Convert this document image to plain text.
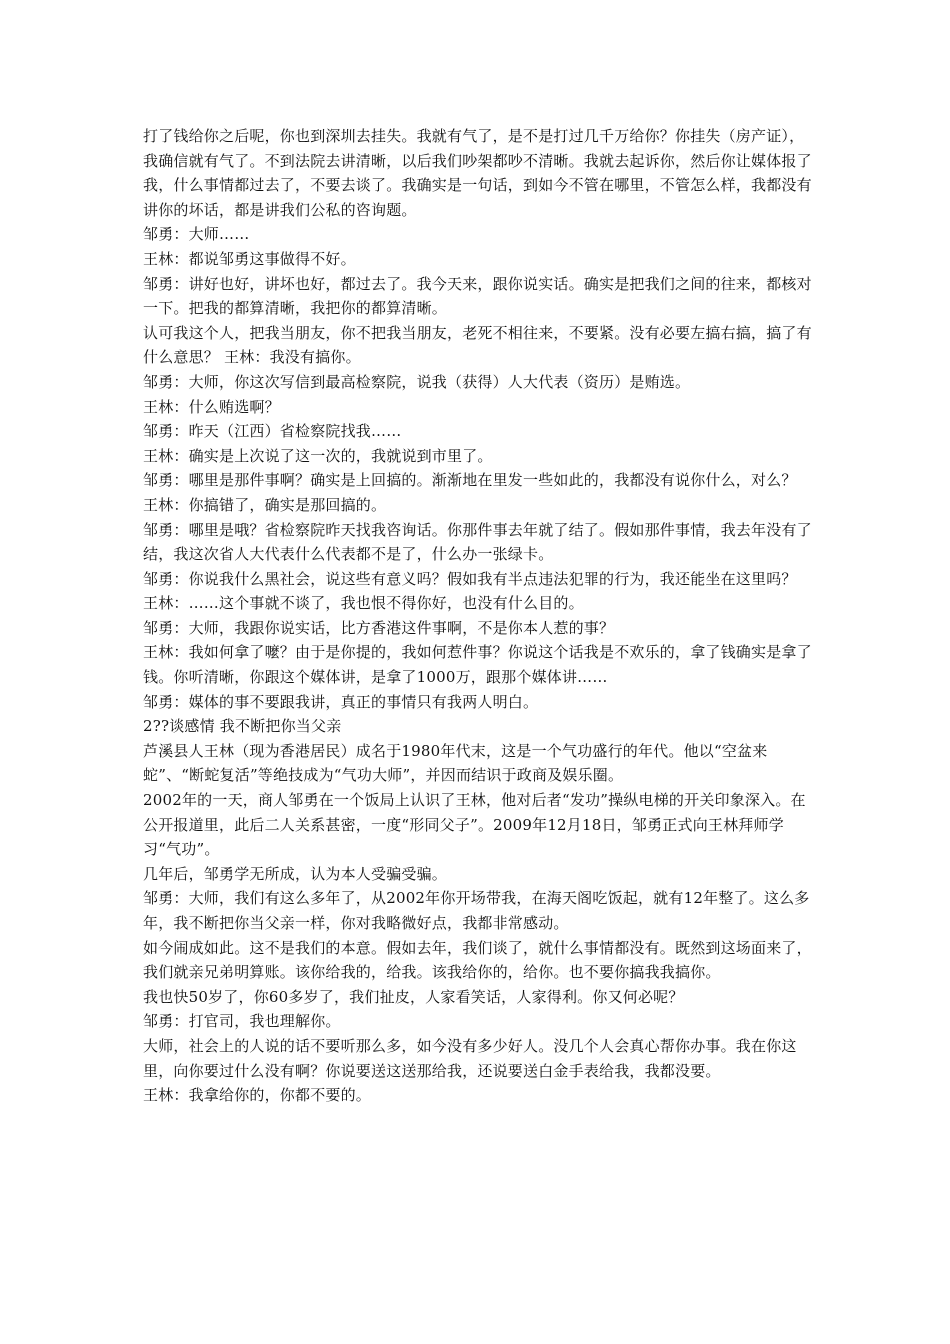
打了钱给你之后呢，你也到深圳去挂失。我就有气了，是不是打过几千万给你？你挂失（房产证），我确信就有气了。不到法院去讲清晰，以后我们吵架都吵不清晰。我就去起诉你，然后你让媒体报了我，什么事情都过去了，不要去谈了。我确实是一句话，到如今不管在哪里，不管怎么样，我都没有讲你的坏话，都是讲我们公私的咨询题。

邹勇：大师……

王林：都说邹勇这事做得不好。

邹勇：讲好也好，讲坏也好，都过去了。我今天来，跟你说实话。确实是把我们之间的往来，都核对一下。把我的都算清晰，我把你的都算清晰。

认可我这个人，把我当朋友，你不把我当朋友，老死不相往来，不要紧。没有必要左搞右搞，搞了有什么意思？ 王林：我没有搞你。

邹勇：大师，你这次写信到最高检察院，说我（获得）人大代表（资历）是贿选。

王林：什么贿选啊？

邹勇：昨天（江西）省检察院找我……

王林：确实是上次说了这一次的，我就说到市里了。

邹勇：哪里是那件事啊？确实是上回搞的。渐渐地在里发一些如此的，我都没有说你什么，对么？

王林：你搞错了，确实是那回搞的。

邹勇：哪里是哦？省检察院昨天找我咨询话。你那件事去年就了结了。假如那件事情，我去年没有了结，我这次省人大代表什么代表都不是了，什么办一张绿卡。

邹勇：你说我什么黑社会，说这些有意义吗？假如我有半点违法犯罪的行为，我还能坐在这里吗？

王林：……这个事就不谈了，我也恨不得你好，也没有什么目的。

邹勇：大师，我跟你说实话，比方香港这件事啊，不是你本人惹的事？

王林：我如何拿了嚒？由于是你提的，我如何惹件事？你说这个话我是不欢乐的，拿了钱确实是拿了钱。你听清晰，你跟这个媒体讲，是拿了1000万，跟那个媒体讲……

邹勇：媒体的事不要跟我讲，真正的事情只有我两人明白。

2??谈感情 我不断把你当父亲

芦溪县人王林（现为香港居民）成名于1980年代末，这是一个气功盛行的年代。他以“空盆来蛇”、“断蛇复活”等绝技成为“气功大师”，并因而结识于政商及娱乐圈。

2002年的一天，商人邹勇在一个饭局上认识了王林，他对后者“发功”操纵电梯的开关印象深入。在公开报道里，此后二人关系甚密，一度“形同父子”。2009年12月18日，邹勇正式向王林拜师学习“气功”。

几年后，邹勇学无所成，认为本人受骗受骗。

邹勇：大师，我们有这么多年了，从2002年你开场带我，在海天阁吃饭起，就有12年整了。这么多年，我不断把你当父亲一样，你对我略微好点，我都非常感动。

如今闹成如此。这不是我们的本意。假如去年，我们谈了，就什么事情都没有。既然到这场面来了，我们就亲兄弟明算账。该你给我的，给我。该我给你的，给你。也不要你搞我我搞你。

我也快50岁了，你60多岁了，我们扯皮，人家看笑话，人家得利。你又何必呢？

邹勇：打官司，我也理解你。

大师，社会上的人说的话不要听那么多，如今没有多少好人。没几个人会真心帮你办事。我在你这里，向你要过什么没有啊？你说要送这送那给我，还说要送白金手表给我，我都没要。

王林：我拿给你的，你都不要的。
